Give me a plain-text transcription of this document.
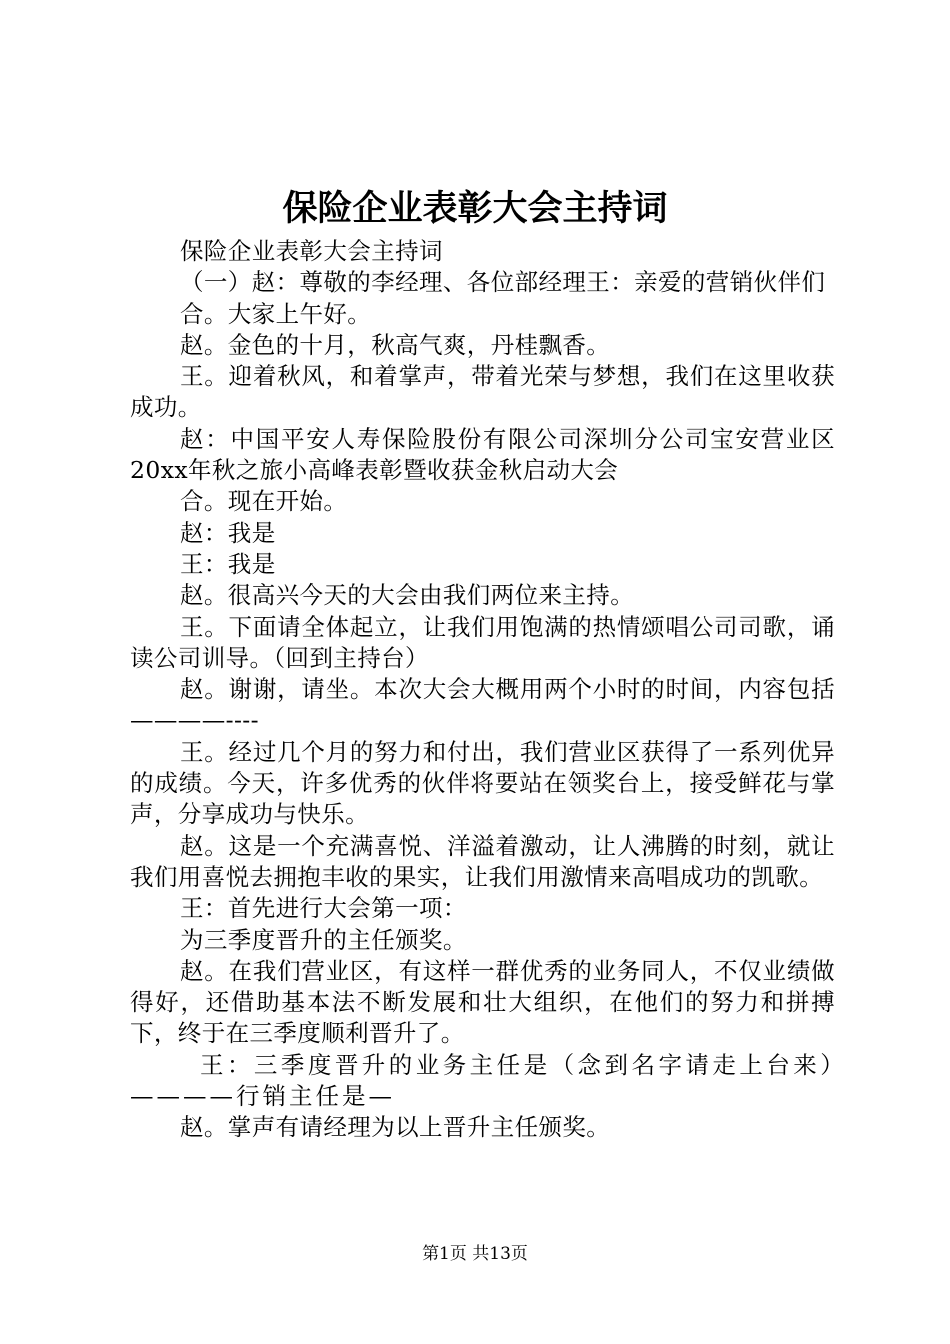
保险企业表彰大会主持词

保险企业表彰大会主持词

（一）赵：尊敬的李经理、各位部经理王：亲爱的营销伙伴们

合。大家上午好。

赵。金色的十月，秋高气爽，丹桂飘香。

王。迎着秋风，和着掌声，带着光荣与梦想，我们在这里收获成功。

赵：中国平安人寿保险股份有限公司深圳分公司宝安营业区20xx年秋之旅小高峰表彰暨收获金秋启动大会

合。现在开始。

赵：我是

王：我是

赵。很高兴今天的大会由我们两位来主持。

王。下面请全体起立，让我们用饱满的热情颂唱公司司歌，诵读公司训导。（回到主持台）

赵。谢谢，请坐。本次大会大概用两个小时的时间，内容包括————----

王。经过几个月的努力和付出，我们营业区获得了一系列优异的成绩。今天，许多优秀的伙伴将要站在领奖台上，接受鲜花与掌声，分享成功与快乐。

赵。这是一个充满喜悦、洋溢着激动，让人沸腾的时刻，就让我们用喜悦去拥抱丰收的果实，让我们用激情来高唱成功的凯歌。

王：首先进行大会第一项：

为三季度晋升的主任颁奖。

赵。在我们营业区，有这样一群优秀的业务同人，不仅业绩做得好，还借助基本法不断发展和壮大组织，在他们的努力和拼搏下，终于在三季度顺利晋升了。

王：三季度晋升的业务主任是（念到名字请走上台来）————行销主任是—

赵。掌声有请经理为以上晋升主任颁奖。

第1页 共13页
